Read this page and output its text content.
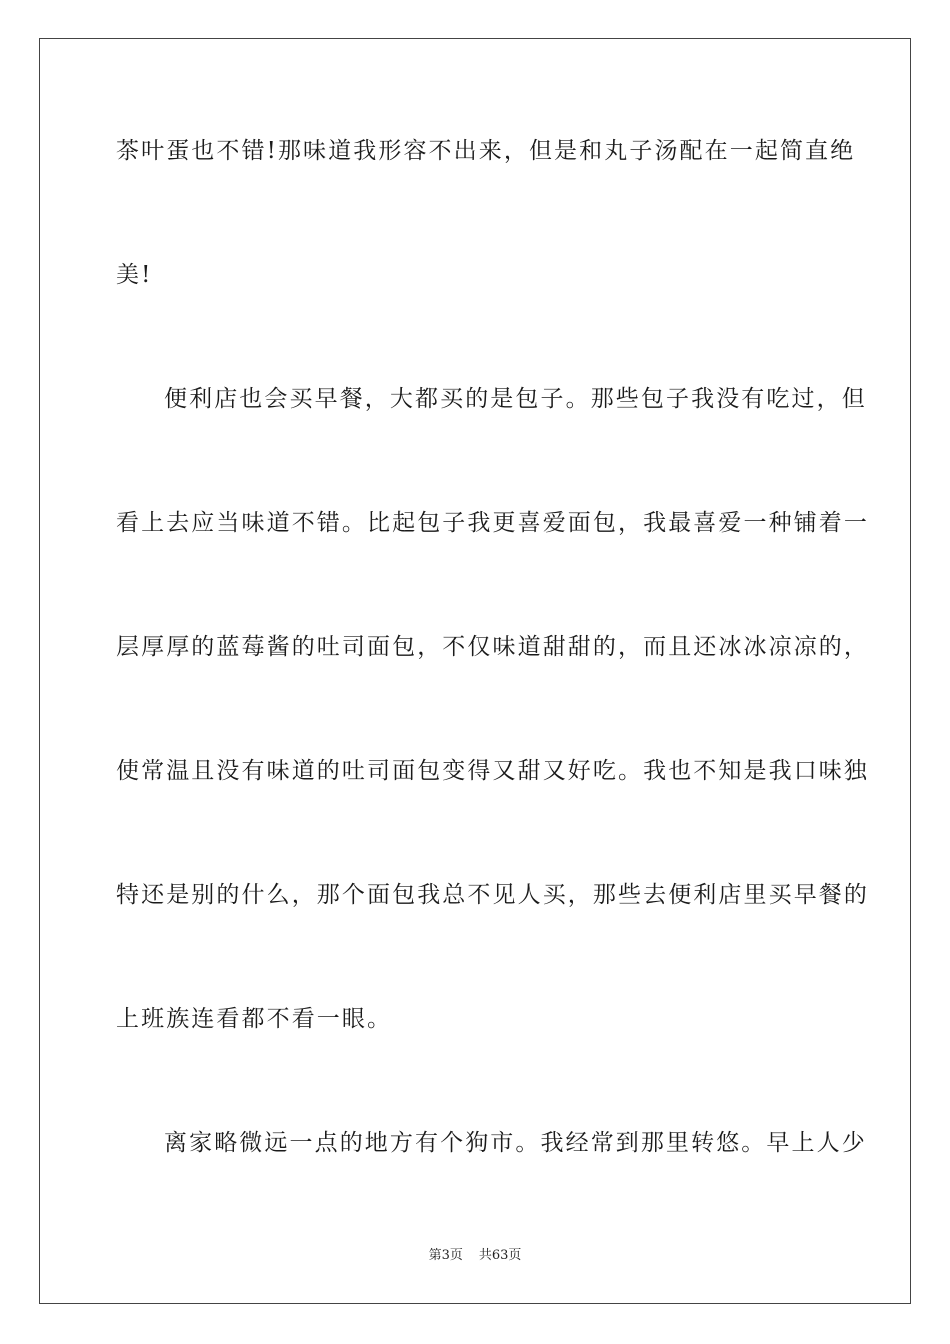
茶叶蛋也不错!那味道我形容不出来，但是和丸子汤配在一起简直绝
美!
便利店也会买早餐，大都买的是包子。那些包子我没有吃过，但
看上去应当味道不错。比起包子我更喜爱面包，我最喜爱一种铺着一
层厚厚的蓝莓酱的吐司面包，不仅味道甜甜的，而且还冰冰凉凉的，
使常温且没有味道的吐司面包变得又甜又好吃。我也不知是我口味独
特还是别的什么，那个面包我总不见人买，那些去便利店里买早餐的
上班族连看都不看一眼。
离家略微远一点的地方有个狗市。我经常到那里转悠。早上人少
第3页 共63页
